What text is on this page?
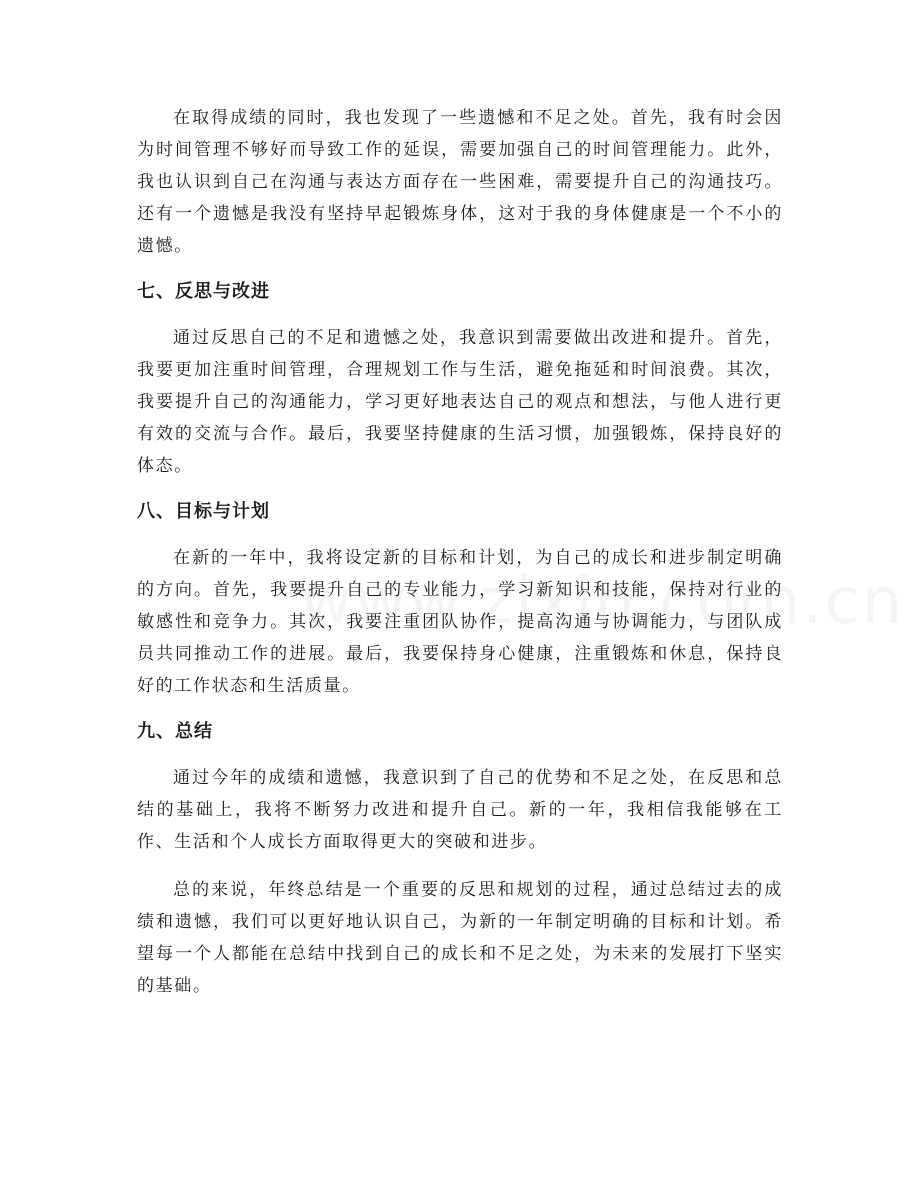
在取得成绩的同时，我也发现了一些遗憾和不足之处。首先，我有时会因为时间管理不够好而导致工作的延误，需要加强自己的时间管理能力。此外，我也认识到自己在沟通与表达方面存在一些困难，需要提升自己的沟通技巧。还有一个遗憾是我没有坚持早起锻炼身体，这对于我的身体健康是一个不小的遗憾。

七、反思与改进

通过反思自己的不足和遗憾之处，我意识到需要做出改进和提升。首先，我要更加注重时间管理，合理规划工作与生活，避免拖延和时间浪费。其次，我要提升自己的沟通能力，学习更好地表达自己的观点和想法，与他人进行更有效的交流与合作。最后，我要坚持健康的生活习惯，加强锻炼，保持良好的体态。

八、目标与计划

在新的一年中，我将设定新的目标和计划，为自己的成长和进步制定明确的方向。首先，我要提升自己的专业能力，学习新知识和技能，保持对行业的敏感性和竞争力。其次，我要注重团队协作，提高沟通与协调能力，与团队成员共同推动工作的进展。最后，我要保持身心健康，注重锻炼和休息，保持良好的工作状态和生活质量。

九、总结

通过今年的成绩和遗憾，我意识到了自己的优势和不足之处，在反思和总结的基础上，我将不断努力改进和提升自己。新的一年，我相信我能够在工作、生活和个人成长方面取得更大的突破和进步。

总的来说，年终总结是一个重要的反思和规划的过程，通过总结过去的成绩和遗憾，我们可以更好地认识自己，为新的一年制定明确的目标和计划。希望每一个人都能在总结中找到自己的成长和不足之处，为未来的发展打下坚实的基础。
